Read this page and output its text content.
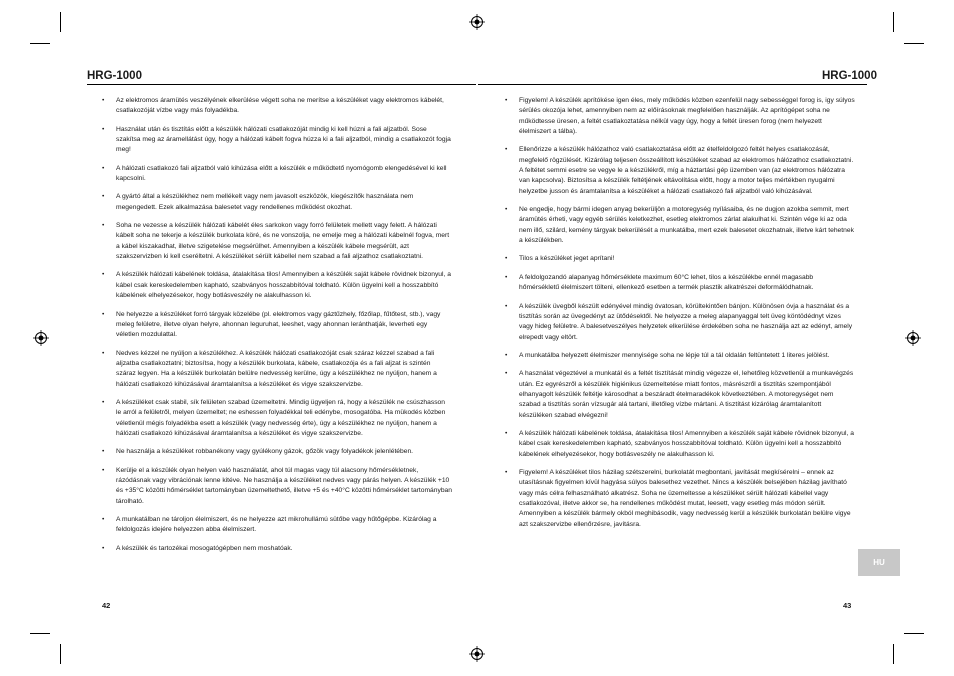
HRG-1000
• Az elektromos áramütés veszélyének elkerülése végett soha ne merítse a készüléket vagy elektromos kábelét, csatlakozóját vízbe vagy más folyadékba.
• Használat után és tisztítás előtt a készülék hálózati csatlakozóját mindig ki kell húzni a fali aljzatból. Sose szakítsa meg az áramellátást úgy, hogy a hálózati kábelt fogva húzza ki a fali aljzatból, mindig a csatlakozót fogja meg!
• A hálózati csatlakozó fali aljzatból való kihúzása előtt a készülék e működtető nyomógomb elengedésével ki kell kapcsolni.
• A gyártó által a készülékhez nem mellékelt vagy nem javasolt eszközök, kiegészítők használata nem megengedett. Ezek alkalmazása balesetet vagy rendellenes működést okozhat.
• Soha ne vezesse a készülék hálózati kábelét éles sarkokon vagy forró felületek mellett vagy felett. A hálózati kábelt soha ne tekerje a készülék burkolata köré, és ne vonszolja, ne emelje meg a hálózati kábelnél fogva, mert a kábel kiszakadhat, illetve szigetelése megsérülhet. Amennyiben a készülék kábele megsérült, azt szakszervizben ki kell cseréltetni. A készüléket sérült kábellel nem szabad a fali aljzathoz csatlakoztatni.
• A készülék hálózati kábelének toldása, átalakítása tilos! Amennyiben a készülék saját kábele rövidnek bizonyul, a kábel csak kereskedelemben kapható, szabványos hosszabbítóval toldható. Külön ügyelni kell a hosszabbító kábelének elhelyezésekor, hogy botlásveszély ne alakulhasson ki.
• Ne helyezze a készüléket forró tárgyak közelébe (pl. elektromos vagy gáztűzhely, főzőlap, fűtőtest, stb.), vagy meleg felületre, illetve olyan helyre, ahonnan leguruhat, leeshet, vagy ahonnan leránthatják, leverheti egy véletlen mozdulattal.
• Nedves kézzel ne nyúljon a készülékhez. A készülék hálózati csatlakozóját csak száraz kézzel szabad a fali aljzatba csatlakoztatni; biztosítsa, hogy a készülék burkolata, kábele, csatlakozója és a fali aljzat is szintén száraz legyen. Ha a készülék burkolatán belülre nedvesség kerülne, úgy a készülékhez ne nyúljon, hanem a hálózati csatlakozó kihúzásával áramtalanítsa a készüléket és vigye szakszervizbe.
• A készüléket csak stabil, sík felületen szabad üzemeltetni. Mindig ügyeljen rá, hogy a készülék ne csúszhasson le arról a felületről, melyen üzemeltet; ne eshessen folyadékkal teli edénybe, mosogatóba. Ha mükodés közben véletlenül mégis folyadékba esett a készülék (vagy nedvesség érte), úgy a készülékhez ne nyúljon, hanem a hálózati csatlakozó kihúzásával áramtalanítsa a készüléket és vigye szakszervizbe.
• Ne használja a készüléket robbanékony vagy gyúlékony gázok, gőzök vagy folyadékok jelenlétében.
• Kerülje el a készülék olyan helyen való használatát, ahol túl magas vagy túl alacsony hőmérsékletnek, rázódásnak vagy vibrációnak lenne kitéve. Ne használja a készüléket nedves vagy párás helyen. A készülék +10 és +35°C közötti hőmérséklet tartományban üzemeltethető, illetve +5 és +40°C közötti hőmérséklet tartományban tárolható.
• A munkatálban ne tároljon élelmiszert, és ne helyezze azt mikrohullámú sütőbe vagy hűtőgépbe. Kizárólag a feldolgozás idejére helyezzen abba élelmiszert.
• A készülék és tartozékai mosogatógépben nem moshatóak.
42
HRG-1000
• Figyelem! A készülék aprítókése igen éles, mely működés közben ezenfelül nagy sebességgel forog is, igy súlyos sérülés okozója lehet, amennyiben nem az előírásoknak megfelelően használják. Az aprítógépet soha ne működtesse üresen, a feltét csatlakoztatása nélkül vagy úgy, hogy a feltét üresen forog (nem helyezett élelmiszert a tálba).
• Ellenőrizze a készülék hálózathoz való csatlakoztatása előtt az ételfeldolgozó feltét helyes csatlakozását, megfelelő rögzülését. Kizárólag teljesen összeállított készüléket szabad az elektromos hálózathoz csatlakoztatni. A feltétet semmi esetre se vegye le a készülékről, míg a háztartási gép üzemben van (az elektromos hálózatra van kapcsolva). Biztosítsa a készülék feltétjének eltávolítása előtt, hogy a motor teljes mértékben nyugalmi helyzetbe jusson és áramtalanítsa a készüléket a hálózati csatlakozó fali aljzatból való kihúzásával.
• Ne engedje, hogy bármi idegen anyag bekerüljön a motoregység nyílásaiba, és ne dugjon azokba semmit, mert áramütés érheti, vagy egyéb sérülés keletkezhet, esetleg elektromos zárlat alakulhat ki. Szintén vége ki az oda nem illő, szilárd, kemény tárgyak bekerülését a munkatálba, mert ezek balesetet okozhatnak, illetve kárt tehetnek a készülékben.
• Tilos a készüléket jeget aprítani!
• A feldolgozandó alapanyag hőmérséklete maximum 60°C lehet, tilos a készülékbe ennél magasabb hőmérsékletű élelmiszert tölteni, ellenkező esetben a termék plasztik alkatrészei deformálódhatnak.
• A készülék üvegből készült edényével mindig óvatosan, körültekintően bánjon. Különösen óvja a használat és a tisztítás során az üvegedényt az ütődésektől. Ne helyezze a meleg alapanyaggal telt üveg köntödédnyt vizes vagy hideg felületre. A balesetveszélyes helyzetek elkerülése érdekében soha ne használja azt az edényt, amely elrepedt vagy eltört.
• A munkatálba helyezett élelmiszer mennyisége soha ne lépje túl a tál oldalán feltüntetett 1 literes jelölést.
• A használat végeztével a munkatál és a feltét tisztítását mindig végezze el, lehetőleg közvetlenül a munkavégzés után. Ez egyrészről a készülék higiénikus üzemeltetése miatt fontos, másrészről a tisztítás szempontjából elhanyagolt készülék feltétje károsodhat a beszáradt ételmaradékok következtében. A motoregységet nem szabad a tisztítás során vízsugár alá tartani, illetőleg vízbe mártani. A tisztítást kizárólag áramtalanított készüléken szabad elvégezni!
• A készülék hálózati kábelének toldása, átalakítása tilos! Amennyiben a készülék saját kábele rövidnek bizonyul, a kábel csak kereskedelemben kapható, szabványos hosszabbítóval toldható. Külön ügyelni kell a hosszabbító kábelének elhelyezésekor, hogy botlásveszély ne alakulhasson ki.
• Figyelem! A készüléket tilos házilag szétszerelni, burkolatát megbontani, javítását megkísérelni – ennek az utasításnak figyelmen kívül hagyása súlyos balesethez vezethet. Nincs a készülék belsejében házilag javítható vagy más célra felhasználható alkatrész. Soha ne üzemeltesse a készüléket sérült hálózati kábellel vagy csatlakozóval, illetve akkor se, ha rendellenes működést mutat, leesett, vagy esetleg más módon sérült. Amennyiben a készülék bármely okból meghibásodik, vagy nedvesség kerül a készülék burkolatán belülre vigye azt szakszervizbe ellenőrzésre, javításra.
HU
43
